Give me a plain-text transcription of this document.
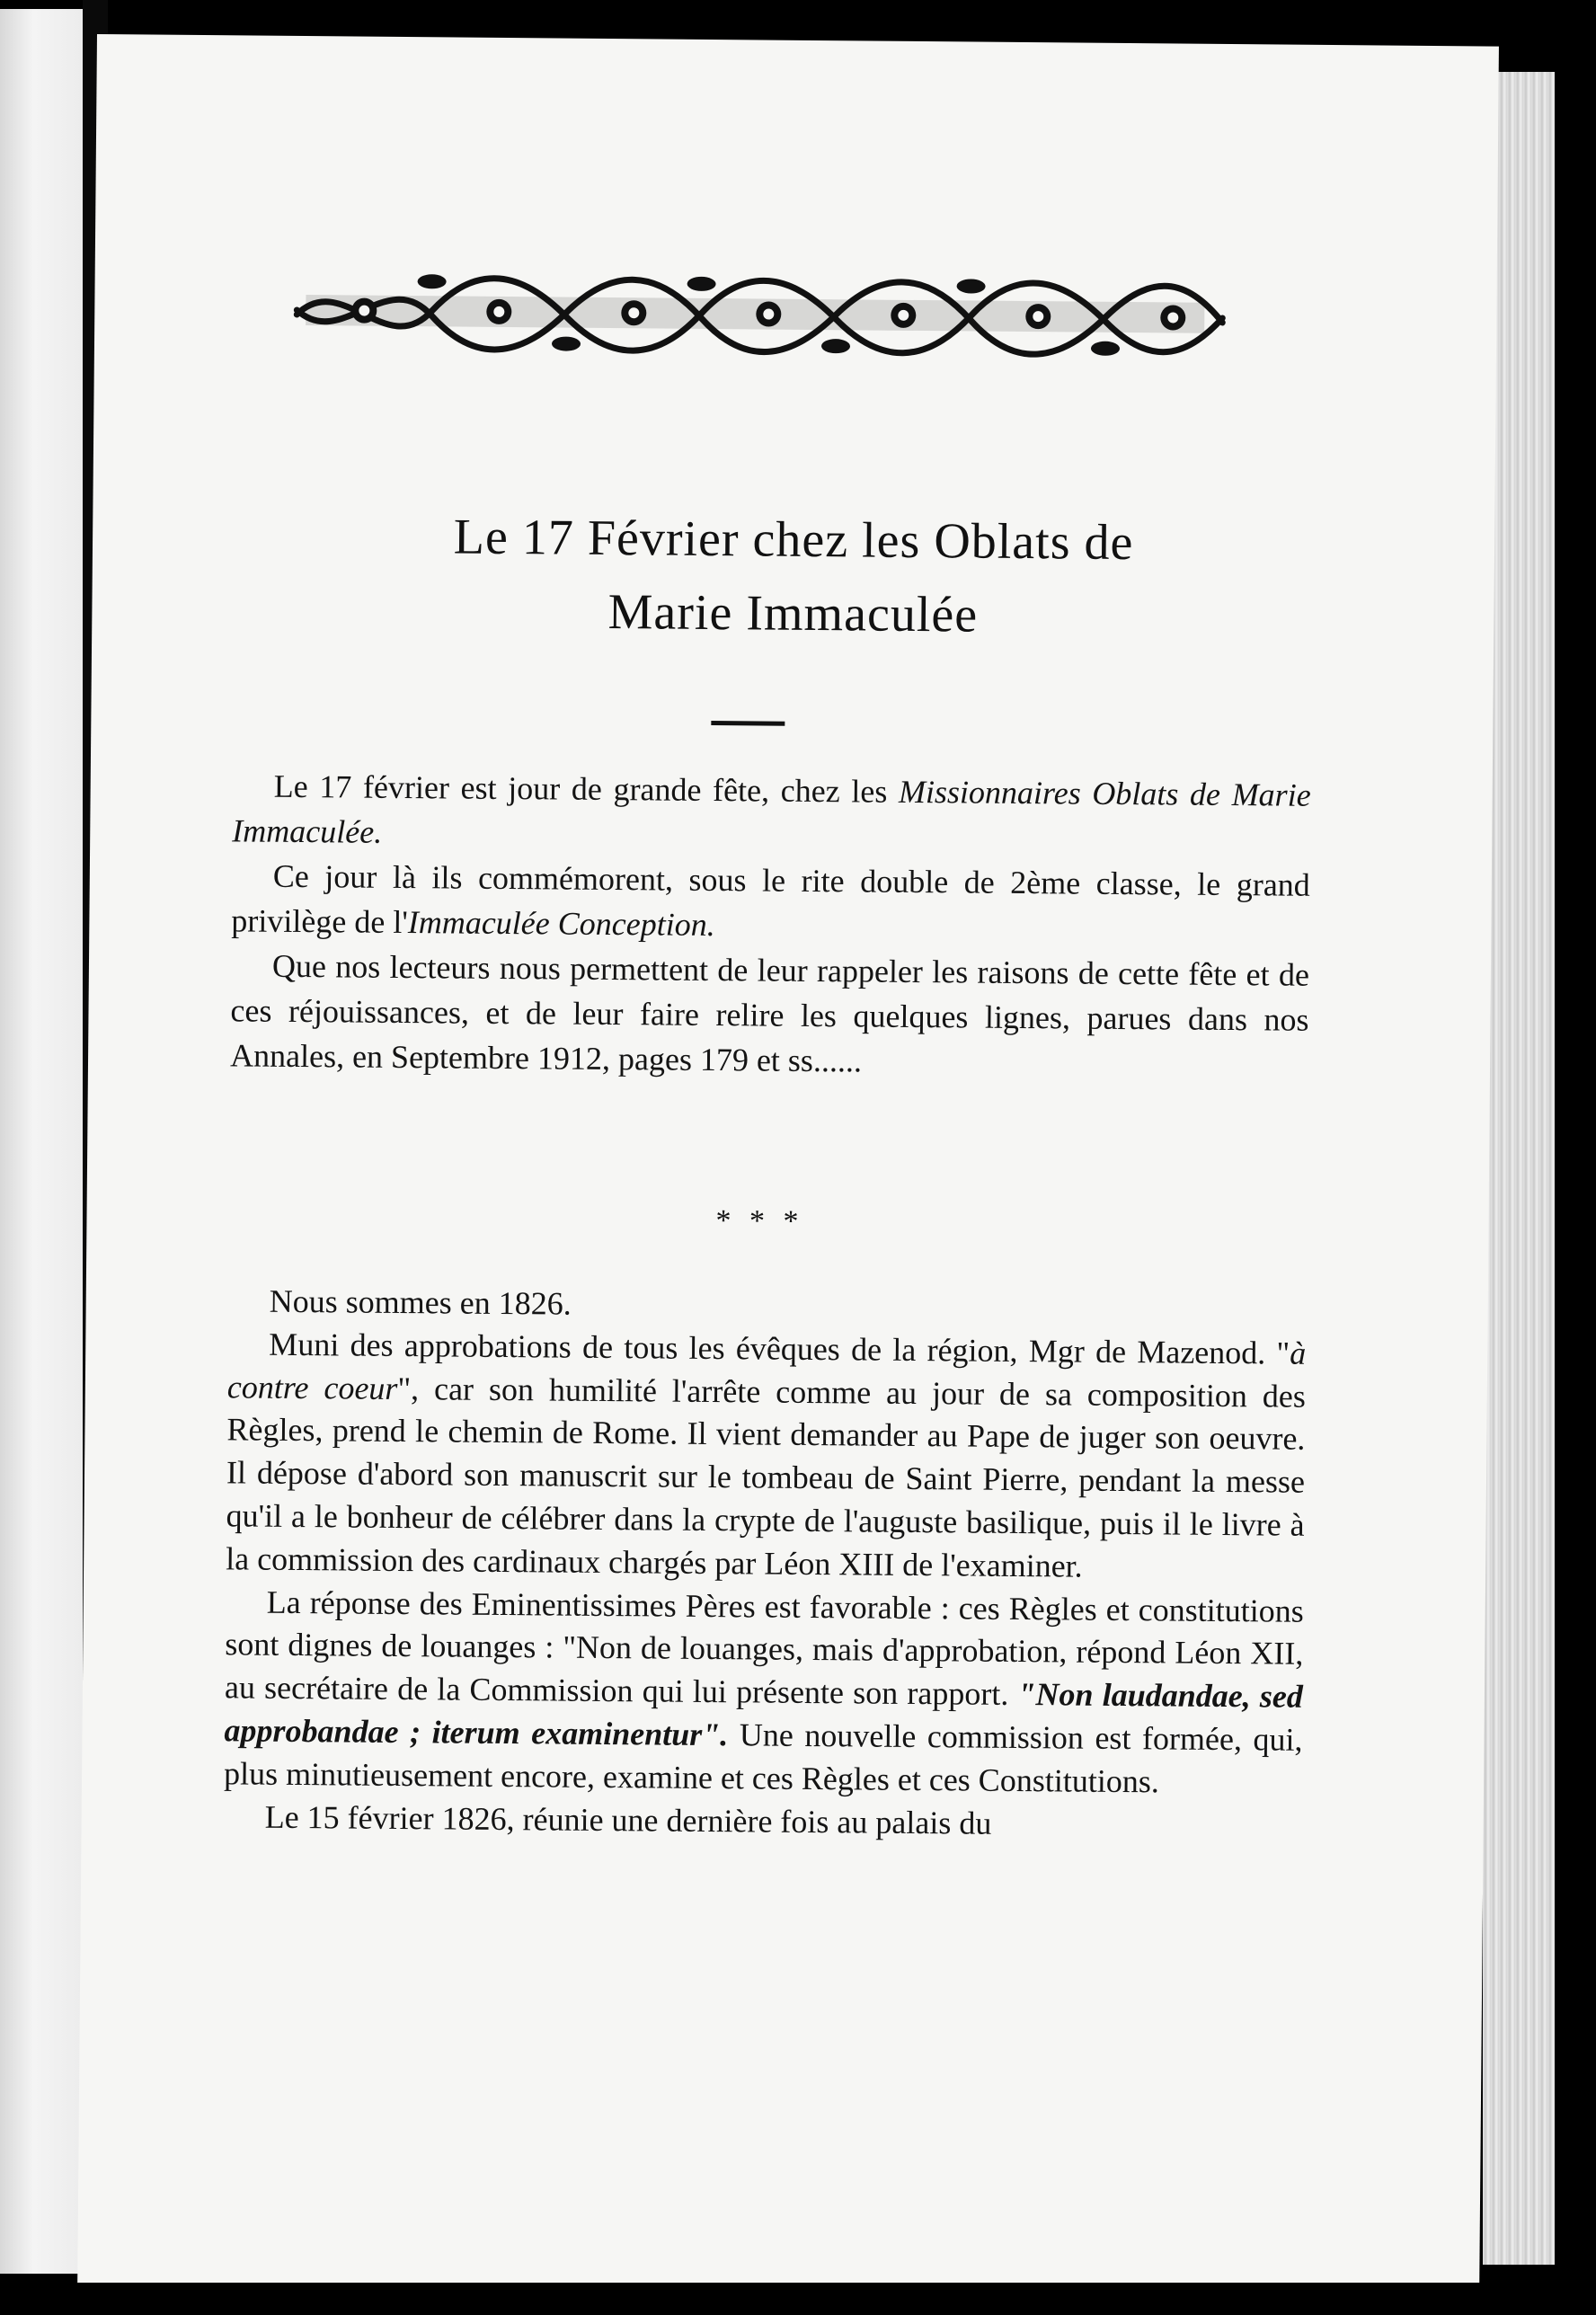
Le 17 Février chez les Oblats de
Marie Immaculée

Le 17 février est jour de grande fête, chez les Missionnaires Oblats de Marie Immaculée.

Ce jour là ils commémorent, sous le rite double de 2ème classe, le grand privilège de l'Immaculée Conception.

Que nos lecteurs nous permettent de leur rappeler les raisons de cette fête et de ces réjouissances, et de leur faire relire les quelques lignes, parues dans nos Annales, en Septembre 1912, pages 179 et ss......

* * *

Nous sommes en 1826.

Muni des approbations de tous les évêques de la région, Mgr de Mazenod. "à contre coeur", car son humilité l'arrête comme au jour de sa composition des Règles, prend le chemin de Rome. Il vient demander au Pape de juger son oeuvre. Il dépose d'abord son manuscrit sur le tombeau de Saint Pierre, pendant la messe qu'il a le bonheur de célébrer dans la crypte de l'auguste basilique, puis il le livre à la commission des cardinaux chargés par Léon XIII de l'examiner.

La réponse des Eminentissimes Pères est favorable : ces Règles et constitutions sont dignes de louanges : "Non de louanges, mais d'approbation, répond Léon XII, au secrétaire de la Commission qui lui présente son rapport. "Non laudandae, sed approbandae ; iterum examinentur". Une nouvelle commission est formée, qui, plus minutieusement encore, examine et ces Règles et ces Constitutions.

Le 15 février 1826, réunie une dernière fois au palais du
